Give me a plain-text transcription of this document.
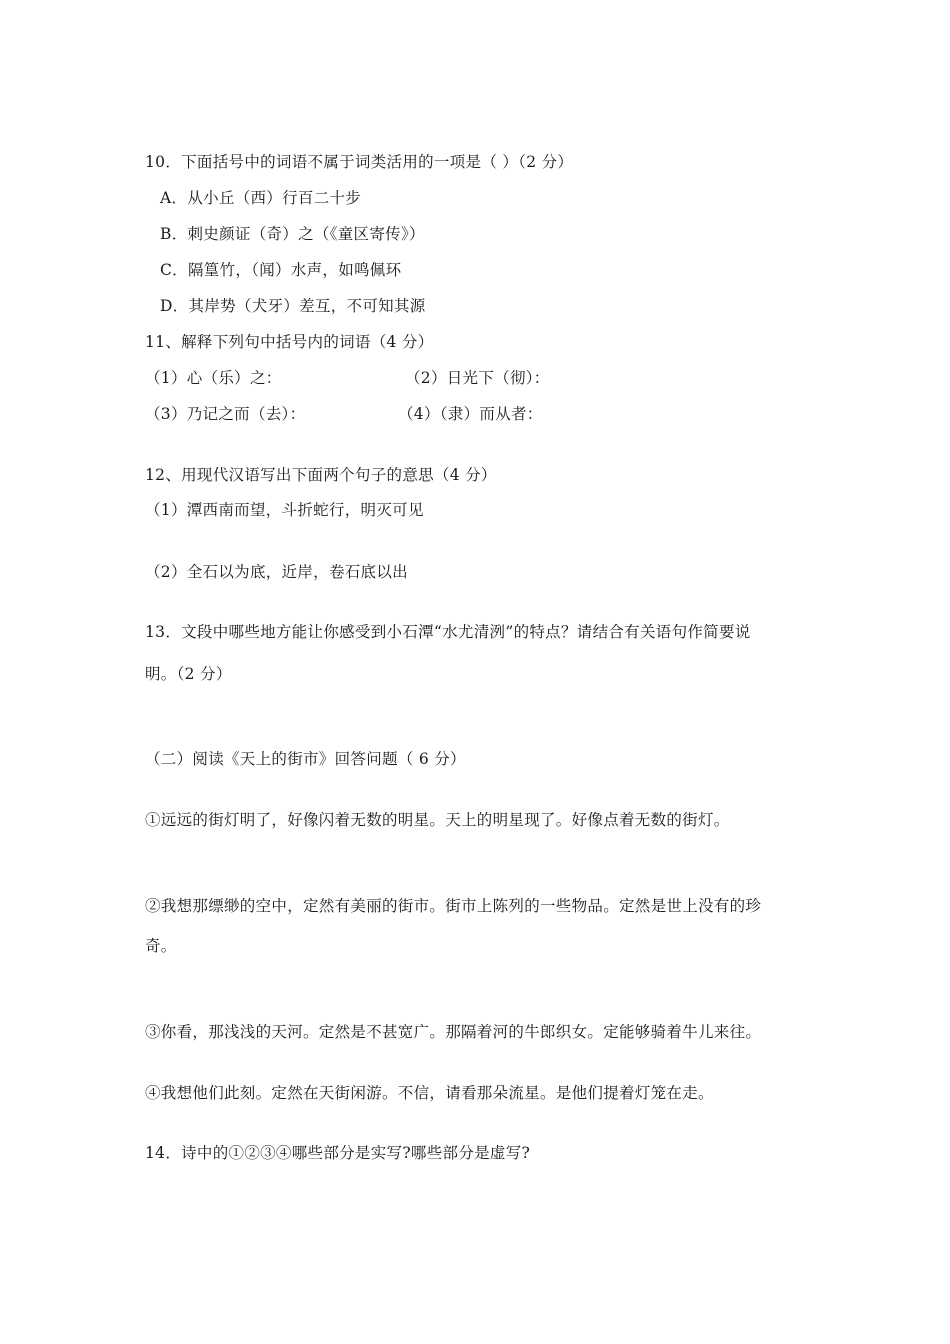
10．下面括号中的词语不属于词类活用的一项是（ ）（2 分）
A．从小丘（西）行百二十步
B．刺史颜证（奇）之（《童区寄传》）
C．隔篁竹，（闻）水声，如鸣佩环
D．其岸势（犬牙）差互，不可知其源
11、解释下列句中括号内的词语（4 分）
（1）心（乐）之：	（2）日光下（彻）：
（3）乃记之而（去）：	（4）（隶）而从者：
12、用现代汉语写出下面两个句子的意思（4 分）
（1）潭西南而望，斗折蛇行，明灭可见
（2）全石以为底，近岸，卷石底以出
13．文段中哪些地方能让你感受到小石潭“水尤清洌”的特点？请结合有关语句作简要说
明。（2 分）
（二）阅读《天上的街市》回答问题（ 6 分）
①远远的街灯明了，好像闪着无数的明星。天上的明星现了。好像点着无数的街灯。
②我想那缥缈的空中，定然有美丽的街市。街市上陈列的一些物品。定然是世上没有的珍
奇。
③你看，那浅浅的天河。定然是不甚宽广。那隔着河的牛郎织女。定能够骑着牛儿来往。
④我想他们此刻。定然在天街闲游。不信，请看那朵流星。是他们提着灯笼在走。
14．诗中的①②③④哪些部分是实写?哪些部分是虚写?
